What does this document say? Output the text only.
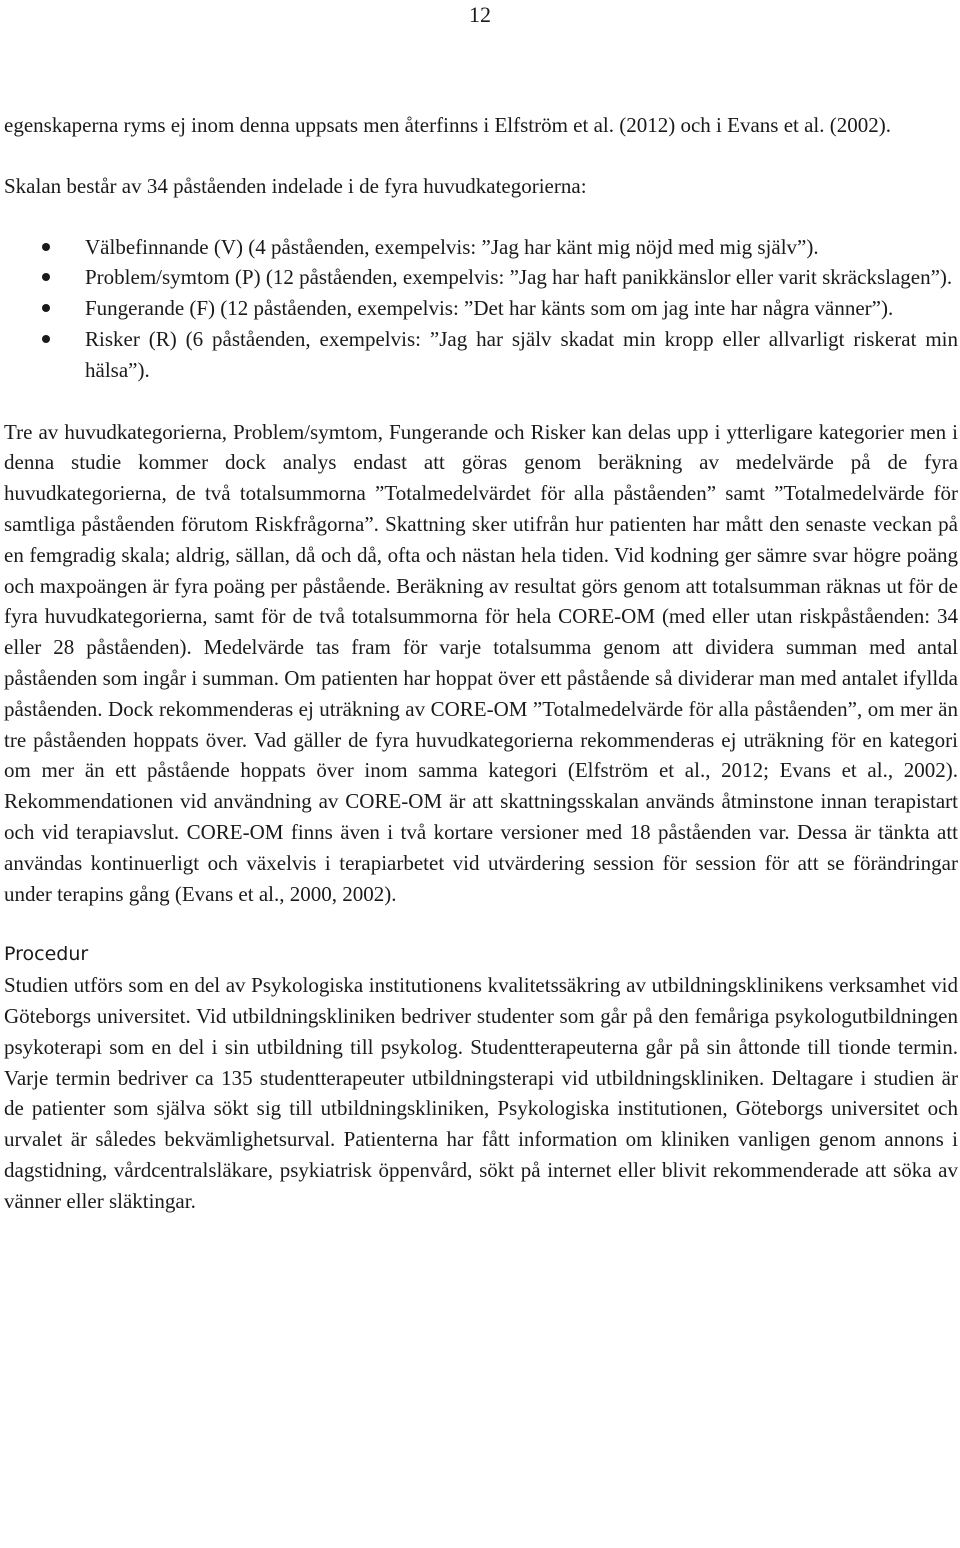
12

egenskaperna ryms ej inom denna uppsats men återfinns i Elfström et al. (2012) och i Evans et al. (2002).

Skalan består av 34 påståenden indelade i de fyra huvudkategorierna:

Välbefinnande (V) (4 påståenden, exempelvis: ”Jag har känt mig nöjd med mig själv”).
Problem/symtom (P) (12 påståenden, exempelvis: ”Jag har haft panikkänslor eller varit skräckslagen”).
Fungerande (F) (12 påståenden, exempelvis: ”Det har känts som om jag inte har några vänner”).
Risker (R) (6 påståenden, exempelvis: ”Jag har själv skadat min kropp eller allvarligt riskerat min hälsa”).

Tre av huvudkategorierna, Problem/symtom, Fungerande och Risker kan delas upp i ytterligare kategorier men i denna studie kommer dock analys endast att göras genom beräkning av medelvärde på de fyra huvudkategorierna, de två totalsummorna ”Totalmedelvärdet för alla påståenden” samt ”Totalmedelvärde för samtliga påståenden förutom Riskfrågorna”. Skattning sker utifrån hur patienten har mått den senaste veckan på en femgradig skala; aldrig, sällan, då och då, ofta och nästan hela tiden. Vid kodning ger sämre svar högre poäng och maxpoängen är fyra poäng per påstående. Beräkning av resultat görs genom att totalsumman räknas ut för de fyra huvudkategorierna, samt för de två totalsummorna för hela CORE-OM (med eller utan riskpåståenden: 34 eller 28 påståenden). Medelvärde tas fram för varje totalsumma genom att dividera summan med antal påståenden som ingår i summan. Om patienten har hoppat över ett påstående så dividerar man med antalet ifyllda påståenden. Dock rekommenderas ej uträkning av CORE-OM ”Totalmedelvärde för alla påståenden”, om mer än tre påståenden hoppats över. Vad gäller de fyra huvudkategorierna rekommenderas ej uträkning för en kategori om mer än ett påstående hoppats över inom samma kategori (Elfström et al., 2012; Evans et al., 2002). Rekommendationen vid användning av CORE-OM är att skattningsskalan används åtminstone innan terapistart och vid terapiavslut. CORE-OM finns även i två kortare versioner med 18 påståenden var. Dessa är tänkta att användas kontinuerligt och växelvis i terapiarbetet vid utvärdering session för session för att se förändringar under terapins gång (Evans et al., 2000, 2002).

Procedur

Studien utförs som en del av Psykologiska institutionens kvalitetssäkring av utbildningsklinikens verksamhet vid Göteborgs universitet. Vid utbildningskliniken bedriver studenter som går på den femåriga psykologutbildningen psykoterapi som en del i sin utbildning till psykolog. Studentterapeuterna går på sin åttonde till tionde termin. Varje termin bedriver ca 135 studentterapeuter utbildningsterapi vid utbildningskliniken. Deltagare i studien är de patienter som själva sökt sig till utbildningskliniken, Psykologiska institutionen, Göteborgs universitet och urvalet är således bekvämlighetsurval. Patienterna har fått information om kliniken vanligen genom annons i dagstidning, vårdcentralsläkare, psykiatrisk öppenvård, sökt på internet eller blivit rekommenderade att söka av vänner eller släktingar.
